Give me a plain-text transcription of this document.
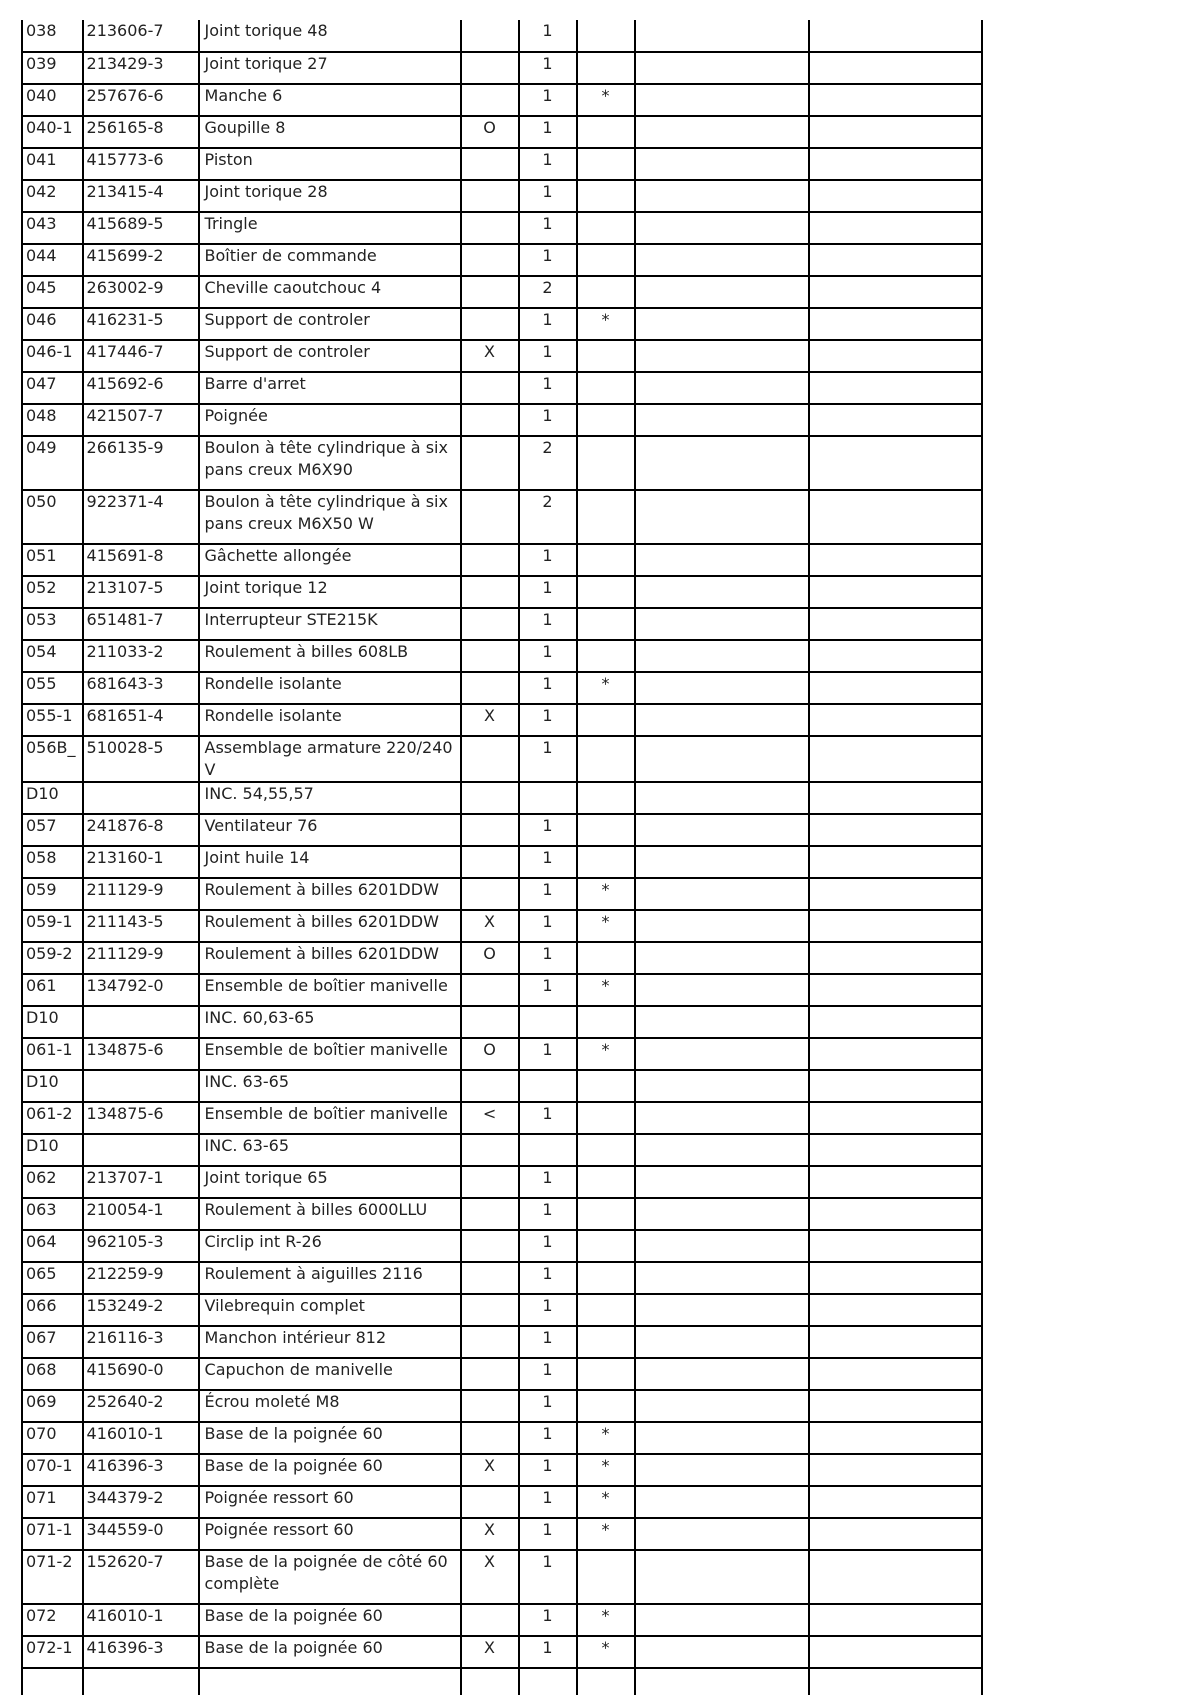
038	213606-7	Joint torique 48		1			
039	213429-3	Joint torique 27		1			
040	257676-6	Manche 6		1	*		
040-1	256165-8	Goupille 8	O	1			
041	415773-6	Piston		1			
042	213415-4	Joint torique 28		1			
043	415689-5	Tringle		1			
044	415699-2	Boîtier de commande		1			
045	263002-9	Cheville caoutchouc 4		2			
046	416231-5	Support de controler		1	*		
046-1	417446-7	Support de controler	X	1			
047	415692-6	Barre d'arret		1			
048	421507-7	Poignée		1			
049	266135-9	Boulon à tête cylindrique à six pans creux M6X90		2			
050	922371-4	Boulon à tête cylindrique à six pans creux M6X50 W		2			
051	415691-8	Gâchette allongée		1			
052	213107-5	Joint torique 12		1			
053	651481-7	Interrupteur STE215K		1			
054	211033-2	Roulement à billes 608LB		1			
055	681643-3	Rondelle isolante		1	*		
055-1	681651-4	Rondelle isolante	X	1			
056B_	510028-5	Assemblage armature 220/240V		1			
D10		INC. 54,55,57					
057	241876-8	Ventilateur 76		1			
058	213160-1	Joint huile 14		1			
059	211129-9	Roulement à billes 6201DDW		1	*		
059-1	211143-5	Roulement à billes 6201DDW	X	1	*		
059-2	211129-9	Roulement à billes 6201DDW	O	1			
061	134792-0	Ensemble de boîtier manivelle		1	*		
D10		INC. 60,63-65					
061-1	134875-6	Ensemble de boîtier manivelle	O	1	*		
D10		INC. 63-65					
061-2	134875-6	Ensemble de boîtier manivelle	<	1			
D10		INC. 63-65					
062	213707-1	Joint torique 65		1			
063	210054-1	Roulement à billes 6000LLU		1			
064	962105-3	Circlip int R-26		1			
065	212259-9	Roulement à aiguilles 2116		1			
066	153249-2	Vilebrequin complet		1			
067	216116-3	Manchon intérieur 812		1			
068	415690-0	Capuchon de manivelle		1			
069	252640-2	Écrou moleté M8		1			
070	416010-1	Base de la poignée 60		1	*		
070-1	416396-3	Base de la poignée 60	X	1	*		
071	344379-2	Poignée ressort 60		1	*		
071-1	344559-0	Poignée ressort 60	X	1	*		
071-2	152620-7	Base de la poignée de côté 60 complète	X	1			
072	416010-1	Base de la poignée 60		1	*		
072-1	416396-3	Base de la poignée 60	X	1	*		
